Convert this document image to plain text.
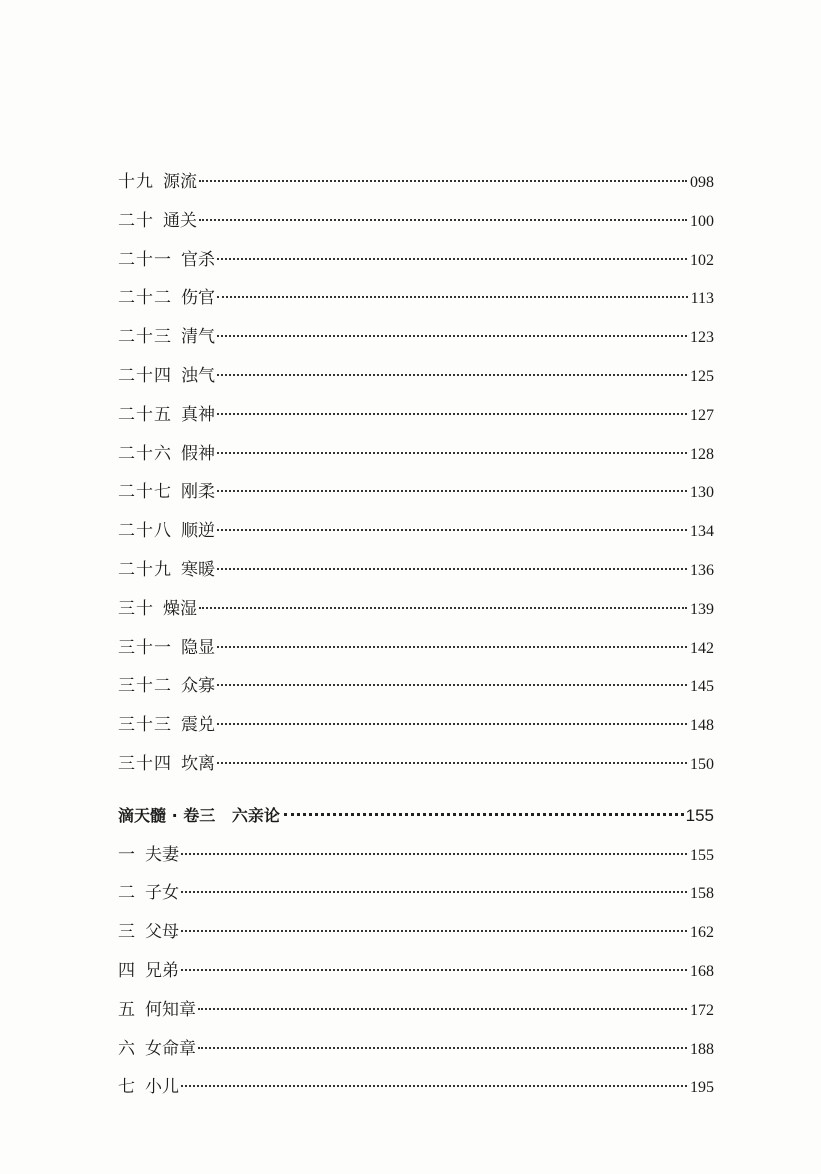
十九 源流	098
二十 通关	100
二十一 官杀	102
二十二 伤官	113
二十三 清气	123
二十四 浊气	125
二十五 真神	127
二十六 假神	128
二十七 刚柔	130
二十八 顺逆	134
二十九 寒暖	136
三十 燥湿	139
三十一 隐显	142
三十二 众寡	145
三十三 震兑	148
三十四 坎离	150
滴天髓 · 卷三   六亲论	155
一 夫妻	155
二 子女	158
三 父母	162
四 兄弟	168
五 何知章	172
六 女命章	188
七 小儿	195
